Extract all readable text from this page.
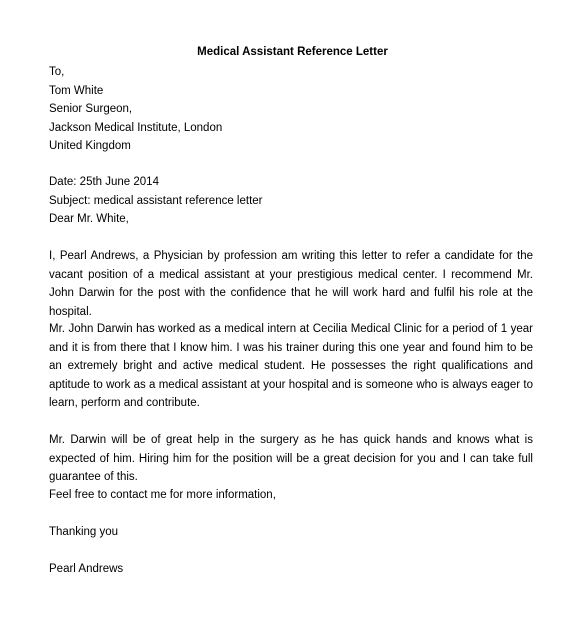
Medical Assistant Reference Letter
To,
Tom White
Senior Surgeon,
Jackson Medical Institute, London
United Kingdom
Date: 25th June 2014
Subject: medical assistant reference letter
Dear Mr. White,
I, Pearl Andrews, a Physician by profession am writing this letter to refer a candidate for the vacant position of a medical assistant at your prestigious medical center. I recommend Mr. John Darwin for the post with the confidence that he will work hard and fulfil his role at the hospital.
Mr. John Darwin has worked as a medical intern at Cecilia Medical Clinic for a period of 1 year and it is from there that I know him. I was his trainer during this one year and found him to be an extremely bright and active medical student. He possesses the right qualifications and aptitude to work as a medical assistant at your hospital and is someone who is always eager to learn, perform and contribute.
Mr. Darwin will be of great help in the surgery as he has quick hands and knows what is expected of him. Hiring him for the position will be a great decision for you and I can take full guarantee of this.
Feel free to contact me for more information,
Thanking you
Pearl Andrews
